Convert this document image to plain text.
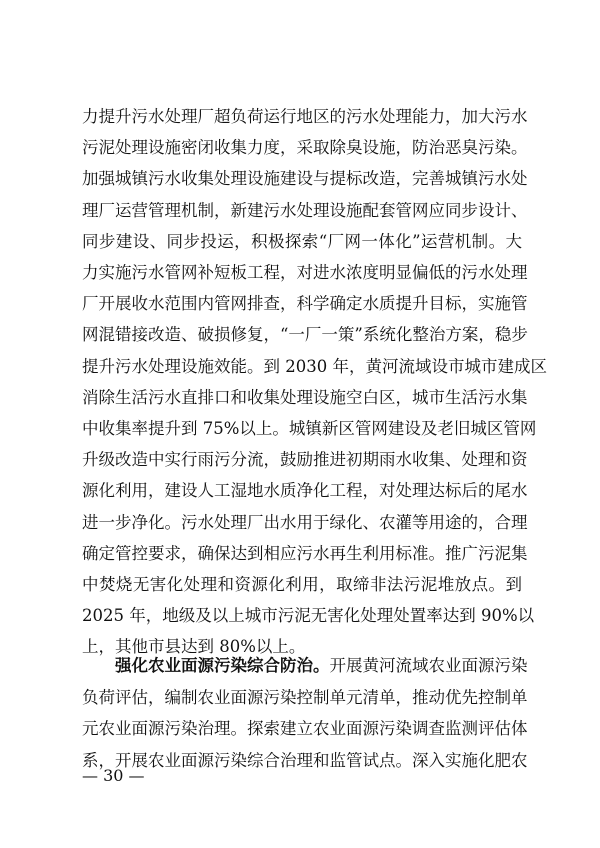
力提升污水处理厂超负荷运行地区的污水处理能力，加大污水
污泥处理设施密闭收集力度，采取除臭设施，防治恶臭污染。
加强城镇污水收集处理设施建设与提标改造，完善城镇污水处
理厂运营管理机制，新建污水处理设施配套管网应同步设计、
同步建设、同步投运，积极探索“厂网一体化”运营机制。大
力实施污水管网补短板工程，对进水浓度明显偏低的污水处理
厂开展收水范围内管网排查，科学确定水质提升目标，实施管
网混错接改造、破损修复，“一厂一策”系统化整治方案，稳步
提升污水处理设施效能。到 2030 年，黄河流域设市城市建成区
消除生活污水直排口和收集处理设施空白区，城市生活污水集
中收集率提升到 75%以上。城镇新区管网建设及老旧城区管网
升级改造中实行雨污分流，鼓励推进初期雨水收集、处理和资
源化利用，建设人工湿地水质净化工程，对处理达标后的尾水
进一步净化。污水处理厂出水用于绿化、农灌等用途的，合理
确定管控要求，确保达到相应污水再生利用标准。推广污泥集
中焚烧无害化处理和资源化利用，取缔非法污泥堆放点。到
2025 年，地级及以上城市污泥无害化处理处置率达到 90%以
上，其他市县达到 80%以上。
强化农业面源污染综合防治。开展黄河流域农业面源污染
负荷评估，编制农业面源污染控制单元清单，推动优先控制单
元农业面源污染治理。探索建立农业面源污染调查监测评估体
系，开展农业面源污染综合治理和监管试点。深入实施化肥农
— 30 —
